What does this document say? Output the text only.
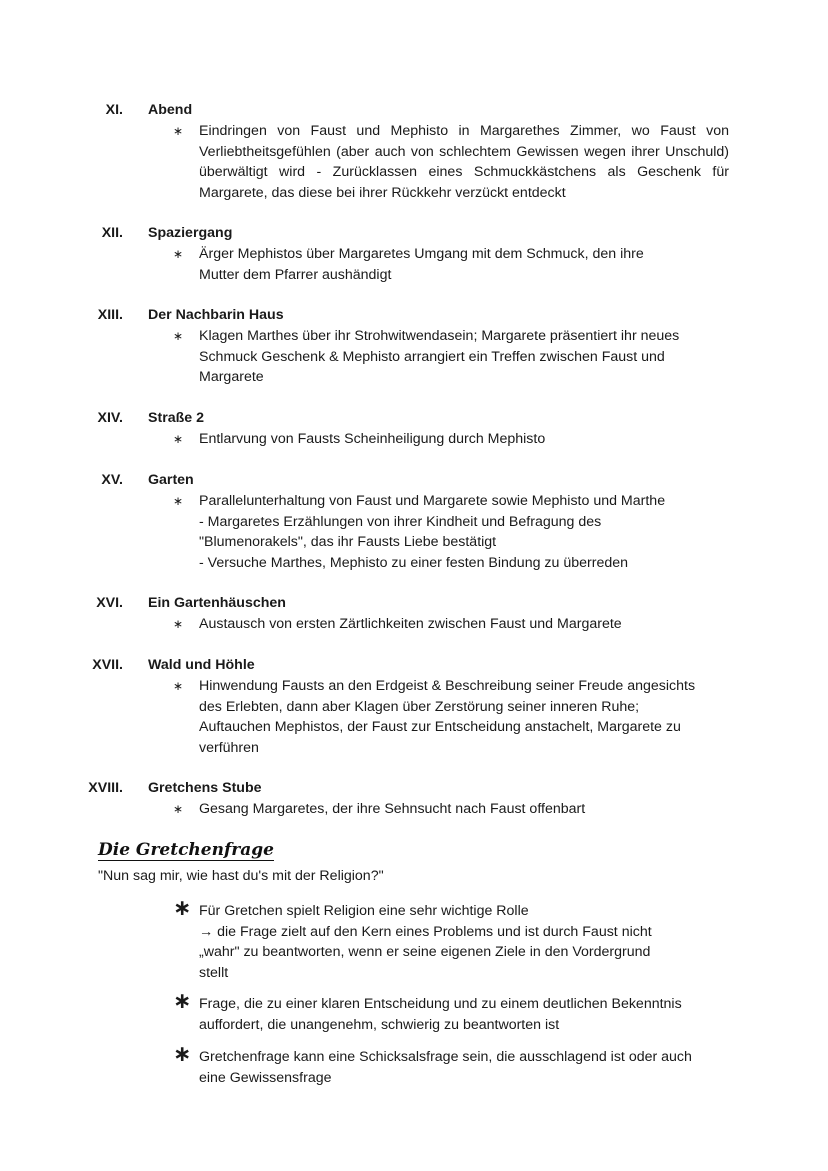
XI. Abend
∗	Eindringen von Faust und Mephisto in Margarethes Zimmer, wo Faust von Verliebtheitsgefühlen (aber auch von schlechtem Gewissen wegen ihrer Unschuld) überwältigt wird - Zurücklassen eines Schmuckkästchens als Geschenk für Margarete, das diese bei ihrer Rückkehr verzückt entdeckt
XII. Spaziergang
∗	Ärger Mephistos über Margaretes Umgang mit dem Schmuck, den ihre
Mutter dem Pfarrer aushändigt
XIII. Der Nachbarin Haus
∗	Klagen Marthes über ihr Strohwitwendasein; Margarete präsentiert ihr neues
Schmuck Geschenk & Mephisto arrangiert ein Treffen zwischen Faust und
Margarete
XIV. Straße 2
∗	Entlarvung von Fausts Scheinheiligung durch Mephisto
XV. Garten
∗	Parallelunterhaltung von Faust und Margarete sowie Mephisto und Marthe
- Margaretes Erzählungen von ihrer Kindheit und Befragung des
"Blumenorakels", das ihr Fausts Liebe bestätigt
- Versuche Marthes, Mephisto zu einer festen Bindung zu überreden
XVI. Ein Gartenhäuschen
∗	Austausch von ersten Zärtlichkeiten zwischen Faust und Margarete
XVII. Wald und Höhle
∗	Hinwendung Fausts an den Erdgeist & Beschreibung seiner Freude angesichts
des Erlebten, dann aber Klagen über Zerstörung seiner inneren Ruhe;
Auftauchen Mephistos, der Faust zur Entscheidung anstachelt, Margarete zu
verführen
XVIII. Gretchens Stube
∗	Gesang Margaretes, der ihre Sehnsucht nach Faust offenbart
Die Gretchenfrage
"Nun sag mir, wie hast du's mit der Religion?"
∗ Für Gretchen spielt Religion eine sehr wichtige Rolle
→ die Frage zielt auf den Kern eines Problems und ist durch Faust nicht
„wahr" zu beantworten, wenn er seine eigenen Ziele in den Vordergrund
stellt
∗ Frage, die zu einer klaren Entscheidung und zu einem deutlichen Bekenntnis
auffordert, die unangenehm, schwierig zu beantworten ist
∗ Gretchenfrage kann eine Schicksalsfrage sein, die ausschlagend ist oder auch
eine Gewissensfrage
